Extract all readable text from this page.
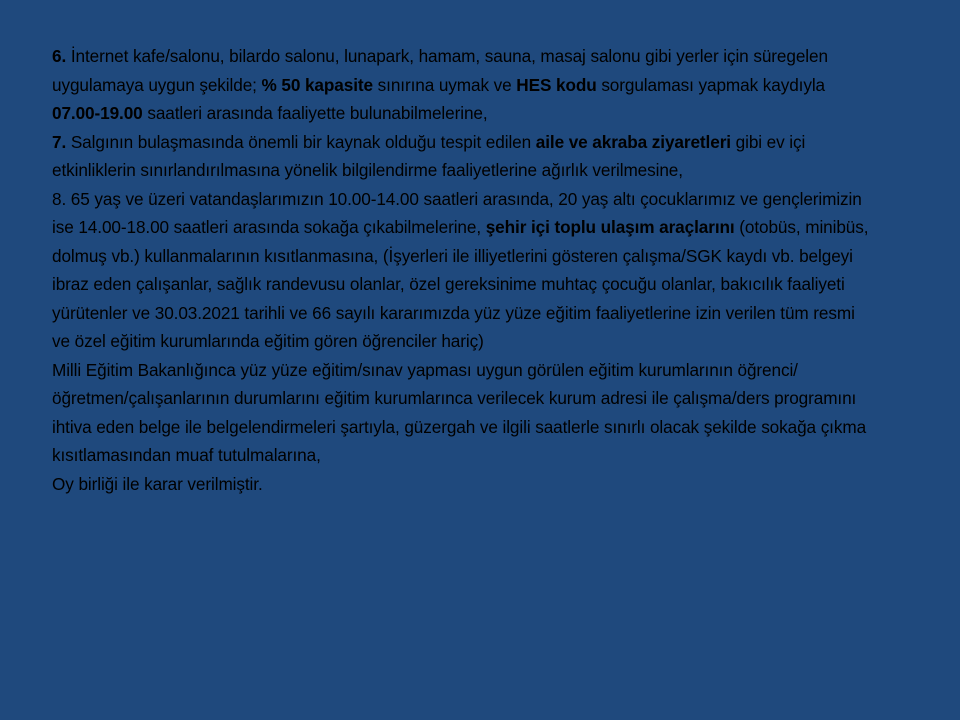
6. İnternet kafe/salonu, bilardo salonu, lunapark, hamam, sauna, masaj salonu gibi yerler için süregelen uygulamaya uygun şekilde; % 50 kapasite sınırına uymak ve HES kodu sorgulaması yapmak kaydıyla 07.00-19.00 saatleri arasında faaliyette bulunabilmelerine,

7. Salgının bulaşmasında önemli bir kaynak olduğu tespit edilen aile ve akraba ziyaretleri gibi ev içi etkinliklerin sınırlandırılmasına yönelik bilgilendirme faaliyetlerine ağırlık verilmesine,

8. 65 yaş ve üzeri vatandaşlarımızın 10.00-14.00 saatleri arasında, 20 yaş altı çocuklarımız ve gençlerimizin ise 14.00-18.00 saatleri arasında sokağa çıkabilmelerine, şehir içi toplu ulaşım araçlarını (otobüs, minibüs, dolmuş vb.) kullanmalarının kısıtlanmasına, (İşyerleri ile illiyetlerini gösteren çalışma/SGK kaydı vb. belgeyi ibraz eden çalışanlar, sağlık randevusu olanlar, özel gereksinime muhtaç çocuğu olanlar, bakıcılık faaliyeti yürütenler ve 30.03.2021 tarihli ve 66 sayılı kararımızda yüz yüze eğitim faaliyetlerine izin verilen tüm resmi ve özel eğitim kurumlarında eğitim gören öğrenciler hariç)

Milli Eğitim Bakanlığınca yüz yüze eğitim/sınav yapması uygun görülen eğitim kurumlarının öğrenci/öğretmen/çalışanlarının durumlarını eğitim kurumlarınca verilecek kurum adresi ile çalışma/ders programını ihtiva eden belge ile belgelendirmeleri şartıyla, güzergah ve ilgili saatlerle sınırlı olacak şekilde sokağa çıkma kısıtlamasından muaf tutulmalarına,

Oy birliği ile karar verilmiştir.
